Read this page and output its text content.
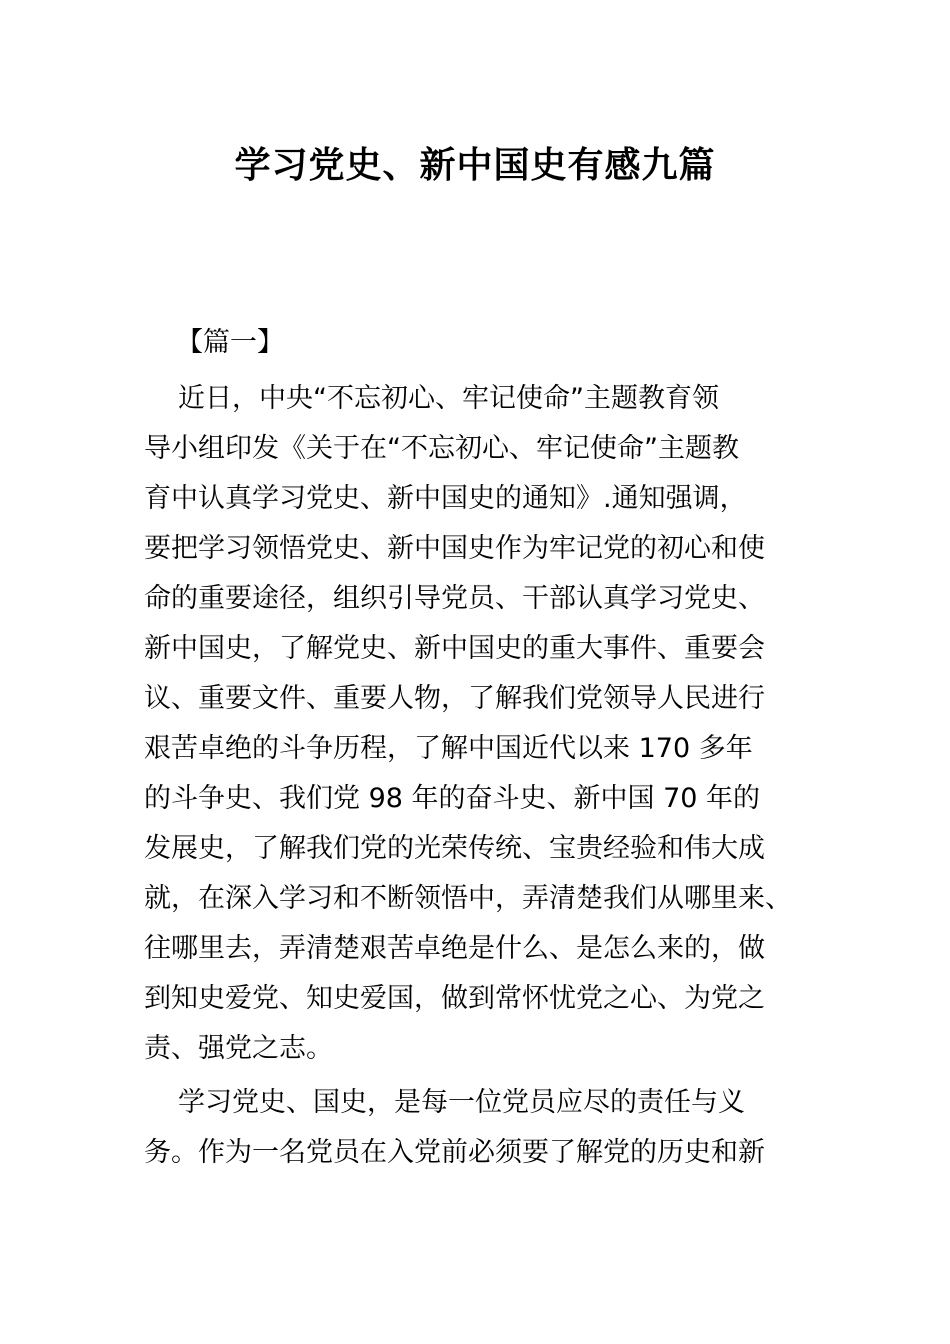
学习党史、新中国史有感九篇
【篇一】
近日，中央“不忘初心、牢记使命”主题教育领
导小组印发《关于在“不忘初心、牢记使命”主题教
育中认真学习党史、新中国史的通知》.通知强调，
要把学习领悟党史、新中国史作为牢记党的初心和使
命的重要途径，组织引导党员、干部认真学习党史、
新中国史，了解党史、新中国史的重大事件、重要会
议、重要文件、重要人物，了解我们党领导人民进行
艰苦卓绝的斗争历程，了解中国近代以来 170 多年
的斗争史、我们党 98 年的奋斗史、新中国 70 年的
发展史，了解我们党的光荣传统、宝贵经验和伟大成
就，在深入学习和不断领悟中，弄清楚我们从哪里来、
往哪里去，弄清楚艰苦卓绝是什么、是怎么来的，做
到知史爱党、知史爱国，做到常怀忧党之心、为党之
责、强党之志。
学习党史、国史，是每一位党员应尽的责任与义
务。作为一名党员在入党前必须要了解党的历史和新
